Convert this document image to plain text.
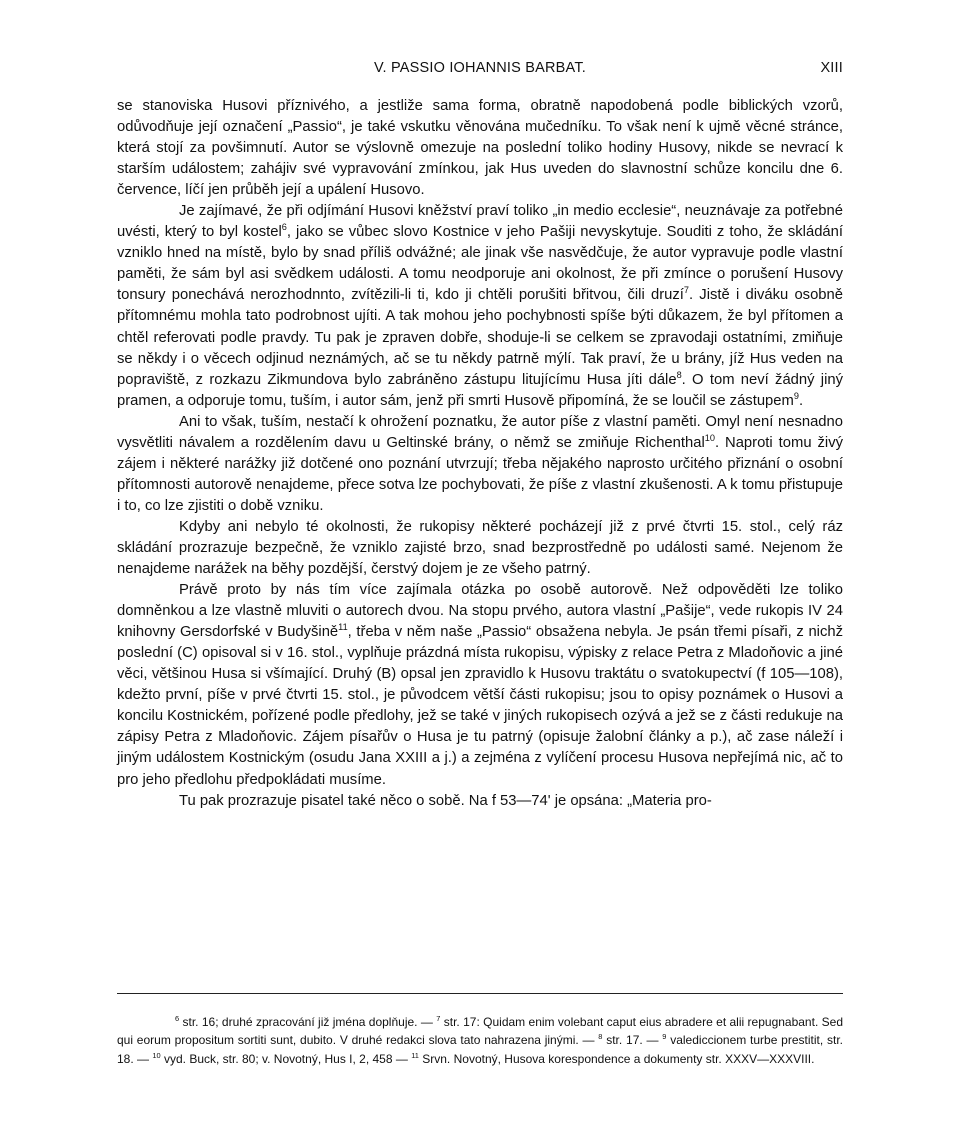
V. PASSIO IOHANNIS BARBAT.	XIII

se stanoviska Husovi příznivého, a jestliže sama forma, obratně napodobená podle biblických vzorů, odůvodňuje její označení „Passio“, je také vskutku věnována mučedníku. To však není k ujmě věcné stránce, která stojí za povšimnutí. Autor se výslovně omezuje na poslední toliko hodiny Husovy, nikde se nevrací k starším událostem; zahájiv své vypravování zmínkou, jak Hus uveden do slavnostní schůze koncilu dne 6. července, líčí jen průběh její a upálení Husovo.

Je zajímavé, že při odjímání Husovi kněžství praví toliko „in medio ecclesie“, neuznávaje za potřebné uvésti, který to byl kostel$^6$, jako se vůbec slovo Kostnice v jeho Pašiji nevyskytuje. Souditi z toho, že skládání vzniklo hned na místě, bylo by snad příliš odvážné; ale jinak vše nasvědčuje, že autor vypravuje podle vlastní paměti, že sám byl asi svědkem události. A tomu neodporuje ani okolnost, že při zmínce o porušení Husovy tonsury ponechává nerozhodnnto, zvítězili-li ti, kdo ji chtěli porušiti břitvou, čili druzí$^7$. Jistě i diváku osobně přítomnému mohla tato podrobnost ujíti. A tak mohou jeho pochybnosti spíše býti důkazem, že byl přítomen a chtěl referovati podle pravdy. Tu pak je zpraven dobře, shoduje-li se celkem se zpravodaji ostatními, zmiňuje se někdy i o věcech odjinud neznámých, ač se tu někdy patrně mýlí. Tak praví, že u brány, jíž Hus veden na popraviště, z rozkazu Zikmundova bylo zabráněno zástupu litujícímu Husa jíti dále$^8$. O tom neví žádný jiný pramen, a odporuje tomu, tuším, i autor sám, jenž při smrti Husově připomíná, že se loučil se zástupem$^9$.

Ani to však, tuším, nestačí k ohrožení poznatku, že autor píše z vlastní paměti. Omyl není nesnadno vysvětliti návalem a rozdělením davu u Geltinské brány, o němž se zmiňuje Richenthal$^{10}$. Naproti tomu živý zájem i některé narážky již dotčené ono poznání utvrzují; třeba nějakého naprosto určitého přiznání o osobní přítomnosti autorově nenajdeme, přece sotva lze pochybovati, že píše z vlastní zkušenosti. A k tomu přistupuje i to, co lze zjistiti o době vzniku.

Kdyby ani nebylo té okolnosti, že rukopisy některé pocházejí již z prvé čtvrti 15. stol., celý ráz skládání prozrazuje bezpečně, že vzniklo zajisté brzo, snad bezprostředně po události samé. Nejenom že nenajdeme narážek na běhy pozdější, čerstvý dojem je ze všeho patrný.

Právě proto by nás tím více zajímala otázka po osobě autorově. Než odpověděti lze toliko domněnkou a lze vlastně mluviti o autorech dvou. Na stopu prvého, autora vlastní „Pašije“, vede rukopis IV 24 knihovny Gersdorfské v Budyšině$^{11}$, třeba v něm naše „Passio“ obsažena nebyla. Je psán třemi písaři, z nichž poslední (C) opisoval si v 16. stol., vyplňuje prázdná místa rukopisu, výpisky z relace Petra z Mladoňovic a jiné věci, většinou Husa si všímající. Druhý (B) opsal jen zpravidlo k Husovu traktátu o svatokupectví (f 105—108), kdežto první, píše v prvé čtvrti 15. stol., je původcem větší části rukopisu; jsou to opisy poznámek o Husovi a koncilu Kostnickém, pořízené podle předlohy, jež se také v jiných rukopisech ozývá a jež se z části redukuje na zápisy Petra z Mladoňovic. Zájem písařův o Husa je tu patrný (opisuje žalobní články a p.), ač zase náleží i jiným událostem Kostnickým (osudu Jana XXIII a j.) a zejména z vylíčení procesu Husova nepřejímá nic, ač to pro jeho předlohu předpokládati musíme.

Tu pak prozrazuje pisatel také něco o sobě. Na f 53—74' je opsána: „Materia pro-

$^6$ str. 16; druhé zpracování již jména doplňuje. — $^7$ str. 17: Quidam enim volebant caput eius abradere et alii repugnabant. Sed qui eorum propositum sortiti sunt, dubito. V druhé redakci slova tato nahrazena jinými. — $^8$ str. 17. — $^9$ valediccionem turbe prestitit, str. 18. — $^{10}$ vyd. Buck, str. 80; v. Novotný, Hus I, 2, 458 — $^{11}$ Srvn. Novotný, Husova korespondence a dokumenty str. XXXV—XXXVIII.
